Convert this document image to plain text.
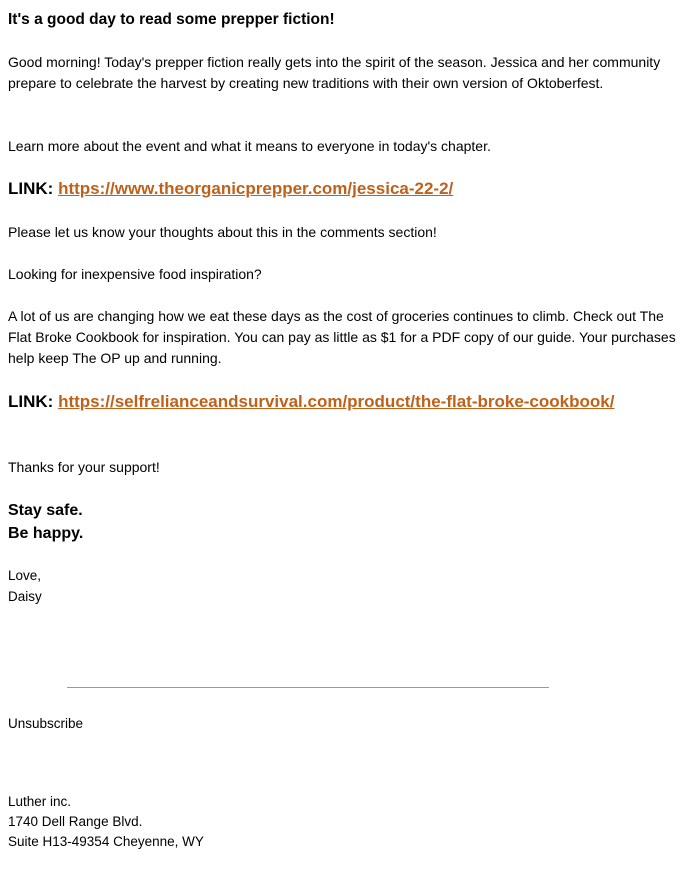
It's a good day to read some prepper fiction!

Good morning! Today's prepper fiction really gets into the spirit of the season. Jessica and her community prepare to celebrate the harvest by creating new traditions with their own version of Oktoberfest.

Learn more about the event and what it means to everyone in today's chapter.

LINK: https://www.theorganicprepper.com/jessica-22-2/

Please let us know your thoughts about this in the comments section!

Looking for inexpensive food inspiration?

A lot of us are changing how we eat these days as the cost of groceries continues to climb. Check out The Flat Broke Cookbook for inspiration. You can pay as little as $1 for a PDF copy of our guide. Your purchases help keep The OP up and running.

LINK: https://selfrelianceandsurvival.com/product/the-flat-broke-cookbook/

Thanks for your support!

Stay safe.
Be happy.
Love,
Daisy
Unsubscribe
Luther inc.
1740 Dell Range Blvd.
Suite H13-49354 Cheyenne, WY
